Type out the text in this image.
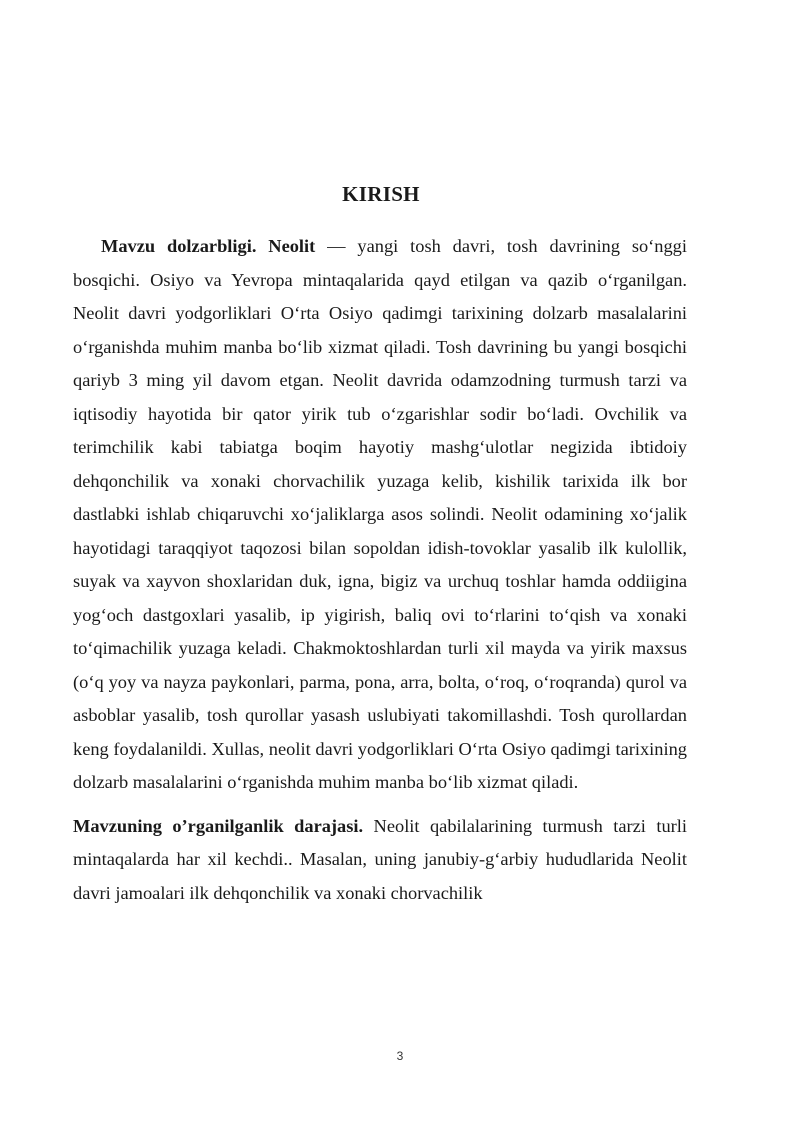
KIRISH

Mavzu dolzarbligi. Neolit — yangi tosh davri, tosh davrining so‘nggi bosqichi. Osiyo va Yevropa mintaqalarida qayd etilgan va qazib o‘rganilgan. Neolit davri yodgorliklari O‘rta Osiyo qadimgi tarixining dolzarb masalalarini o‘rganishda muhim manba bo‘lib xizmat qiladi. Tosh davrining bu yangi bosqichi qariyb 3 ming yil davom etgan. Neolit davrida odamzodning turmush tarzi va iqtisodiy hayotida bir qator yirik tub o‘zgarishlar sodir bo‘ladi. Ovchilik va terimchilik kabi tabiatga boqim hayotiy mashg‘ulotlar negizida ibtidoiy dehqonchilik va xonaki chorvachilik yuzaga kelib, kishilik tarixida ilk bor dastlabki ishlab chiqaruvchi xo‘jaliklarga asos solindi. Neolit odamining xo‘jalik hayotidagi taraqqiyot taqozosi bilan sopoldan idish-tovoklar yasalib ilk kulollik, suyak va xayvon shoxlaridan duk, igna, bigiz va urchuq toshlar hamda oddiigina yog‘och dastgoxlari yasalib, ip yigirish, baliq ovi to‘rlarini to‘qish va xonaki to‘qimachilik yuzaga keladi. Chakmoktoshlardan turli xil mayda va yirik maxsus (o‘q yoy va nayza paykonlari, parma, pona, arra, bolta, o‘roq, o‘roqranda) qurol va asboblar yasalib, tosh qurollar yasash uslubiyati takomillashdi. Tosh qurollardan keng foydalanildi. Xullas, neolit davri yodgorliklari O‘rta Osiyo qadimgi tarixining dolzarb masalalarini o‘rganishda muhim manba bo‘lib xizmat qiladi.

Mavzuning o’rganilganlik darajasi. Neolit qabilalarining turmush tarzi turli mintaqalarda har xil kechdi.. Masalan, uning janubiy-g‘arbiy hududlarida Neolit davri jamoalari ilk dehqonchilik va xonaki chorvachilik

3
